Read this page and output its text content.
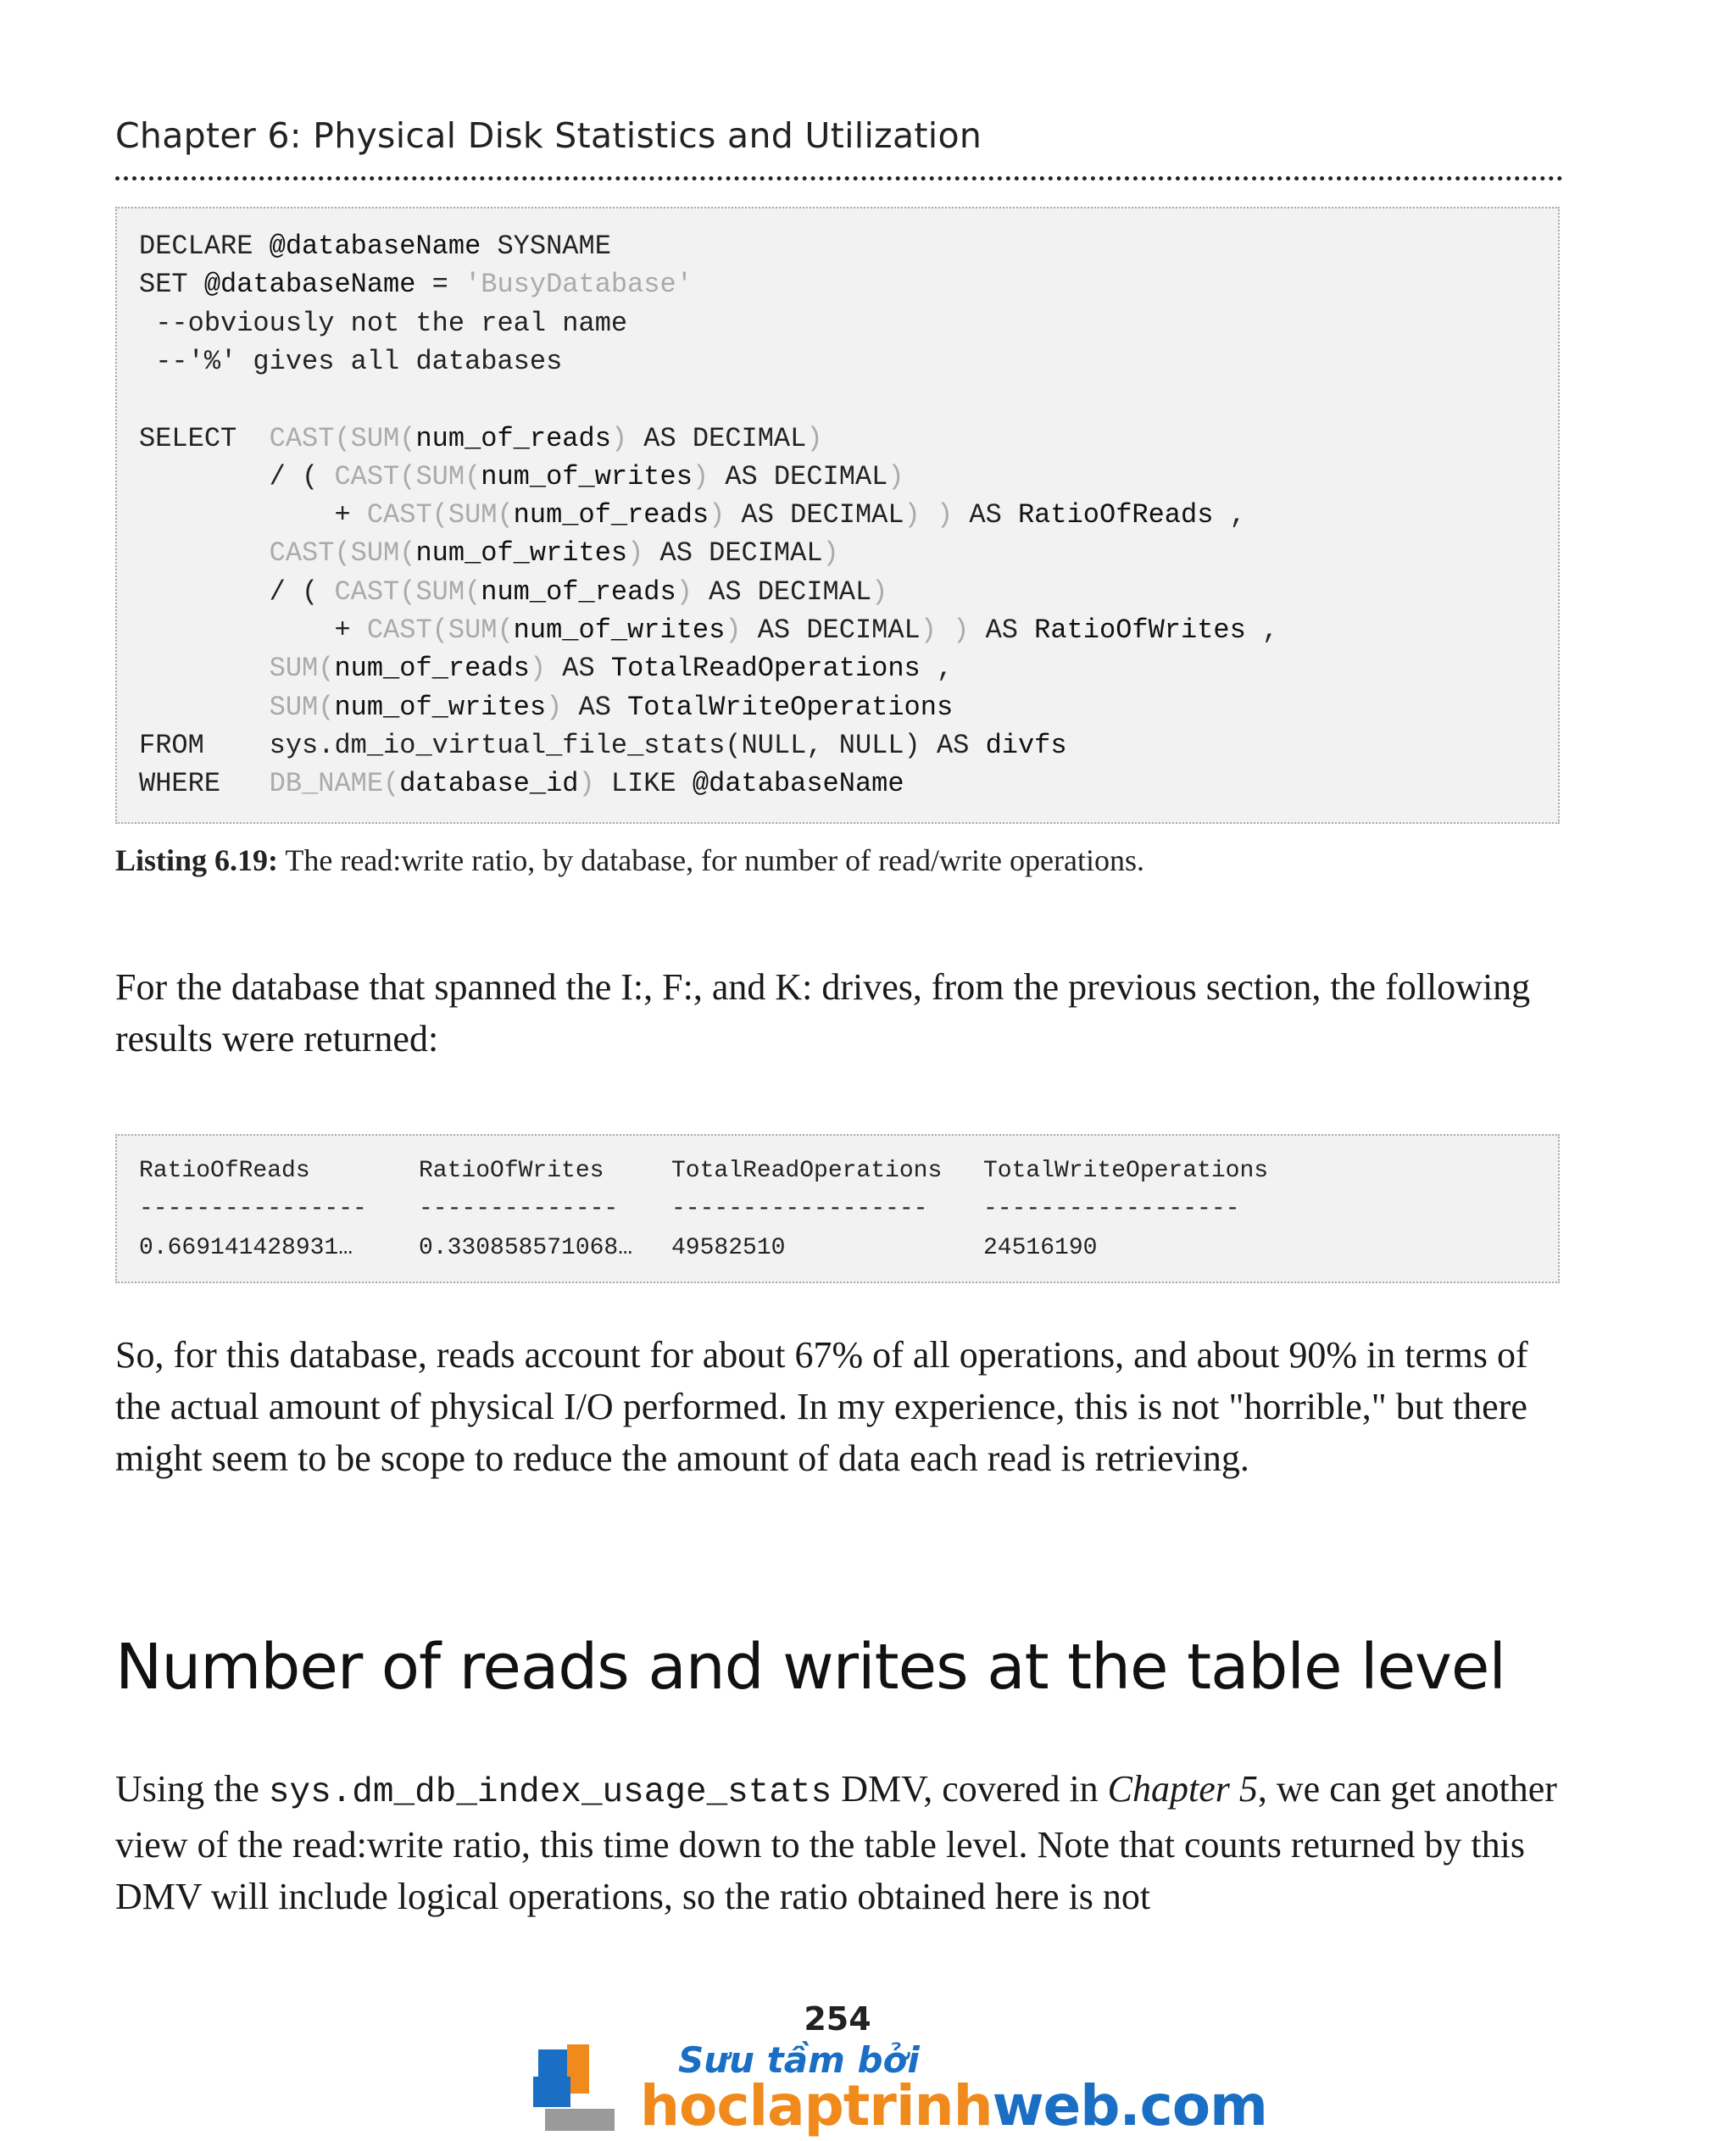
Chapter 6: Physical Disk Statistics and Utilization
DECLARE @databaseName SYSNAME
SET @databaseName = 'BusyDatabase'
--obviously not the real name
--'%' gives all databases
SELECT  CAST(SUM(num_of_reads) AS DECIMAL)
/ ( CAST(SUM(num_of_writes) AS DECIMAL)
+ CAST(SUM(num_of_reads) AS DECIMAL) ) AS RatioOfReads ,
CAST(SUM(num_of_writes) AS DECIMAL)
/ ( CAST(SUM(num_of_reads) AS DECIMAL)
+ CAST(SUM(num_of_writes) AS DECIMAL) ) AS RatioOfWrites ,
SUM(num_of_reads) AS TotalReadOperations ,
SUM(num_of_writes) AS TotalWriteOperations
FROM    sys.dm_io_virtual_file_stats(NULL, NULL) AS divfs
WHERE   DB_NAME(database_id) LIKE @databaseName
Listing 6.19: The read:write ratio, by database, for number of read/write operations.
For the database that spanned the I:, F:, and K: drives, from the previous section, the following results were returned:
RatioOfReads	RatioOfWrites	TotalReadOperations TotalWriteOperations
---------------- -------------- ------------------ ------------------
0.669141428931…	0.330858571068… 49582510	24516190
So, for this database, reads account for about 67% of all operations, and about 90% in terms of the actual amount of physical I/O performed. In my experience, this is not "horrible," but there might seem to be scope to reduce the amount of data each read is retrieving.
Number of reads and writes at the table level
Using the sys.dm_db_index_usage_stats DMV, covered in Chapter 5, we can get another view of the read:write ratio, this time down to the table level. Note that counts returned by this DMV will include logical operations, so the ratio obtained here is not
254
Sưu tầm bởi
hoclaptrinhweb.com
